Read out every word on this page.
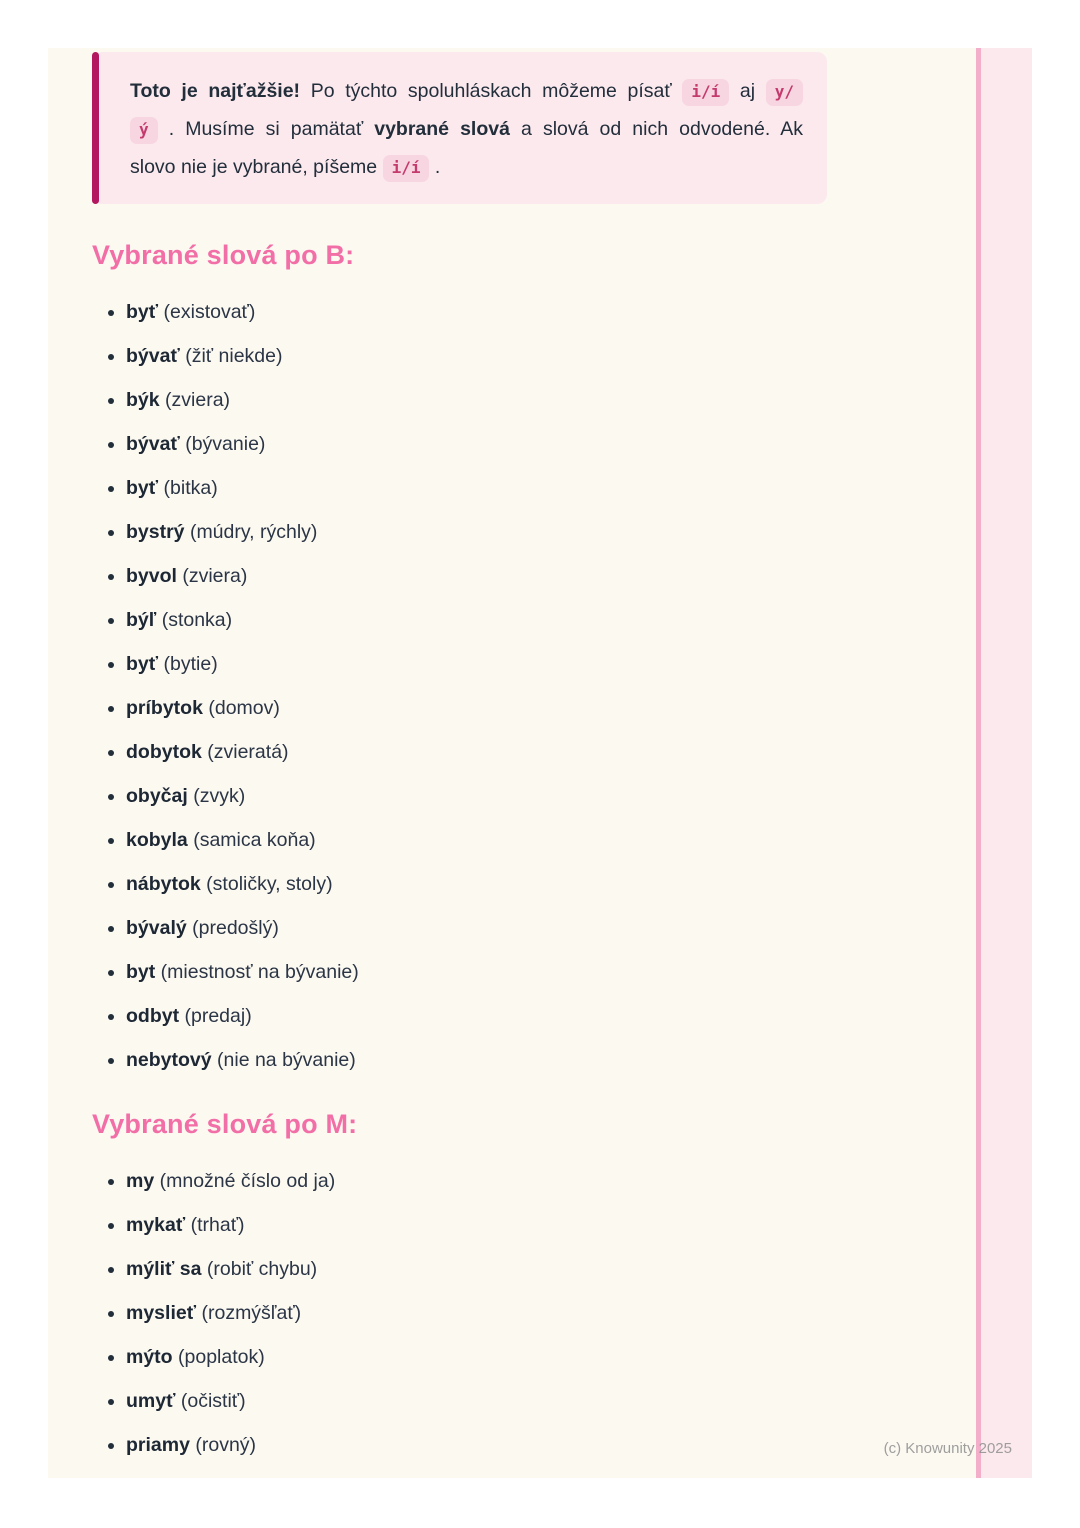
Toto je najťažšie! Po týchto spoluhláskach môžeme písať i/í aj y/
ý . Musíme si pamätať vybrané slová a slová od nich odvodené. Ak
slovo nie je vybrané, píšeme i/í .
Vybrané slová po B:
• byť (existovať)
• bývať (žiť niekde)
• býk (zviera)
• bývať (bývanie)
• byť (bitka)
• bystrý (múdry, rýchly)
• byvol (zviera)
• býľ (stonka)
• byť (bytie)
• príbytok (domov)
• dobytok (zvieratá)
• obyčaj (zvyk)
• kobyla (samica koňa)
• nábytok (stoličky, stoly)
• bývalý (predošlý)
• byt (miestnosť na bývanie)
• odbyt (predaj)
• nebytový (nie na bývanie)
Vybrané slová po M:
• my (množné číslo od ja)
• mykať (trhať)
• mýliť sa (robiť chybu)
• myslieť (rozmýšľať)
• mýto (poplatok)
• umyť (očistiť)
• priamy (rovný)	(c) Knowunity 2025
